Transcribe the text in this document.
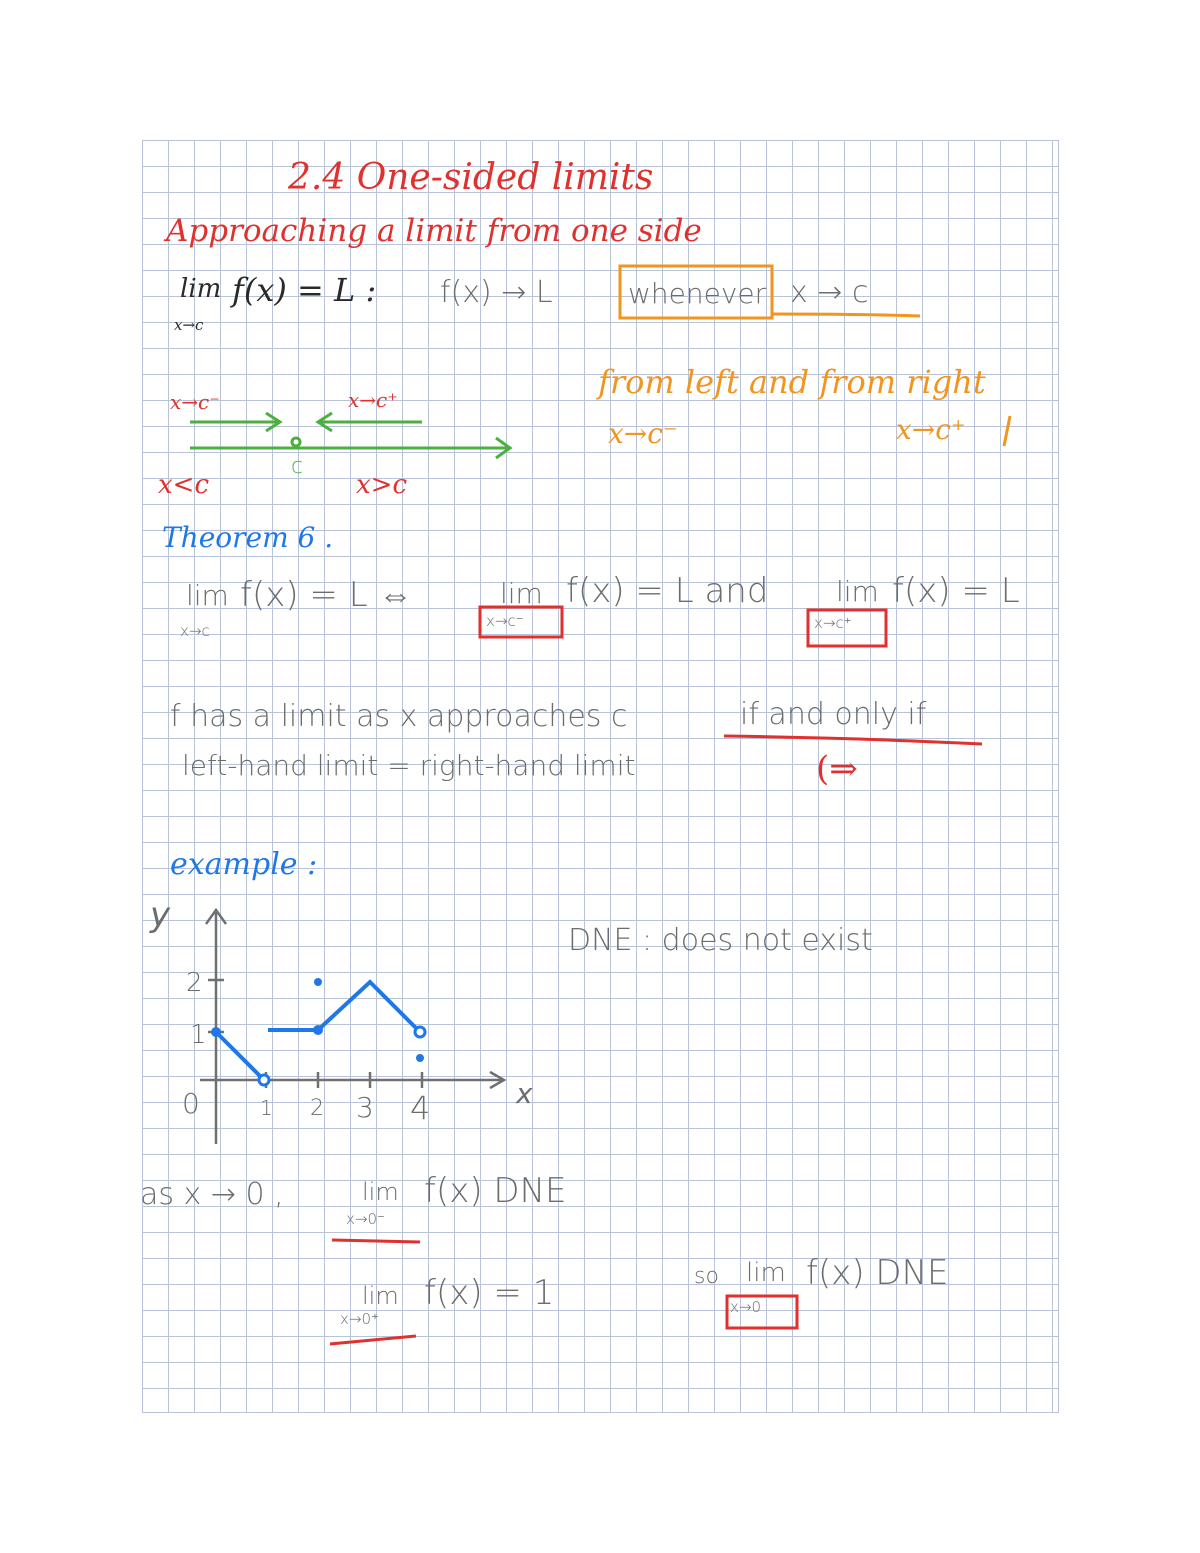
2.4 One-sided limits
Approaching a limit from one side
lim
x→c
f(x) = L : f(x) → L	whenever x → c
from left and from right
x→c⁻	x→c⁺
x→c⁻	x→c⁺
c
x<c	x>c
Theorem 6 .
lim
x→c
f(x) = L ⇔	lim
x→c⁻
f(x) = L and lim
x→c⁺
f(x) = L
f has a limit as x approaches c	if and only if
left-hand limit = right-hand limit	(⇒
example :
y
2
1
0	1 2 3 4	x
DNE : does not exist
as x → 0 ,	lim
x→0⁻
f(x) DNE
lim
x→0⁺
f(x) = 1	so lim
x→0
f(x) DNE
